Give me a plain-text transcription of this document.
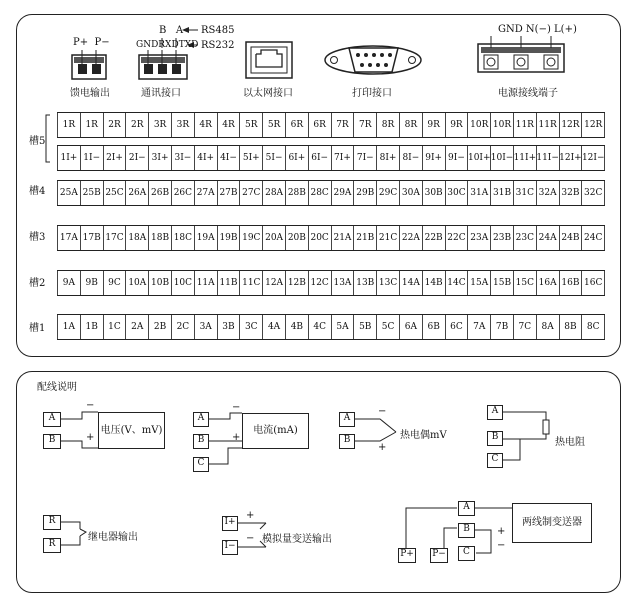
P+ P−
馈电输出
B A RS485
GNDRXDTXD RS232
通讯接口	以太网接口	打印接口
GND N(−) L(+)
电源接线端子
槽5
槽4
槽3
槽2
槽1
1R	1R	2R	2R	3R	3R	4R	4R	5R	5R	6R	6R	7R	7R	8R	8R	9R	9R 10R 10R 11R 11R 12R 12R
1I+ 1I− 2I+ 2I− 3I+ 3I− 4I+ 4I− 5I+ 5I− 6I+ 6I− 7I+ 7I− 8I+ 8I− 9I+ 9I− 10I+ 10I− 11I+ 11I− 12I+ 12I−
25A 25B 25C 26A 26B 26C 27A 27B 27C 28A 28B 28C 29A 29B 29C 30A 30B 30C 31A 31B 31C 32A 32B 32C
17A 17B 17C 18A 18B 18C 19A 19B 19C 20A 20B 20C 21A 21B 21C 22A 22B 22C 23A 23B 23C 24A 24B 24C
9A	9B	9C 10A 10B 10C 11A 11B 11C 12A 12B 12C 13A 13B 13C 14A 14B 14C 15A 15B 15C 16A 16B 16C
1A	1B	1C	2A	2B	2C	3A	3B	3C	4A	4B	4C	5A	5B	5C	6A	6B	6C	7A	7B	7C	8A	8B	8C
配线说明
A
B
−
+
电压(V、mV)
A
B
C
−
+
电流(mA)
A
B
−
+
热电偶mV
A
B
C
热电阻
R
R
继电器输出
I+
I−
+
− 模拟量变送输出
P+ P−
A
B
C
+
−
两线制变送器
